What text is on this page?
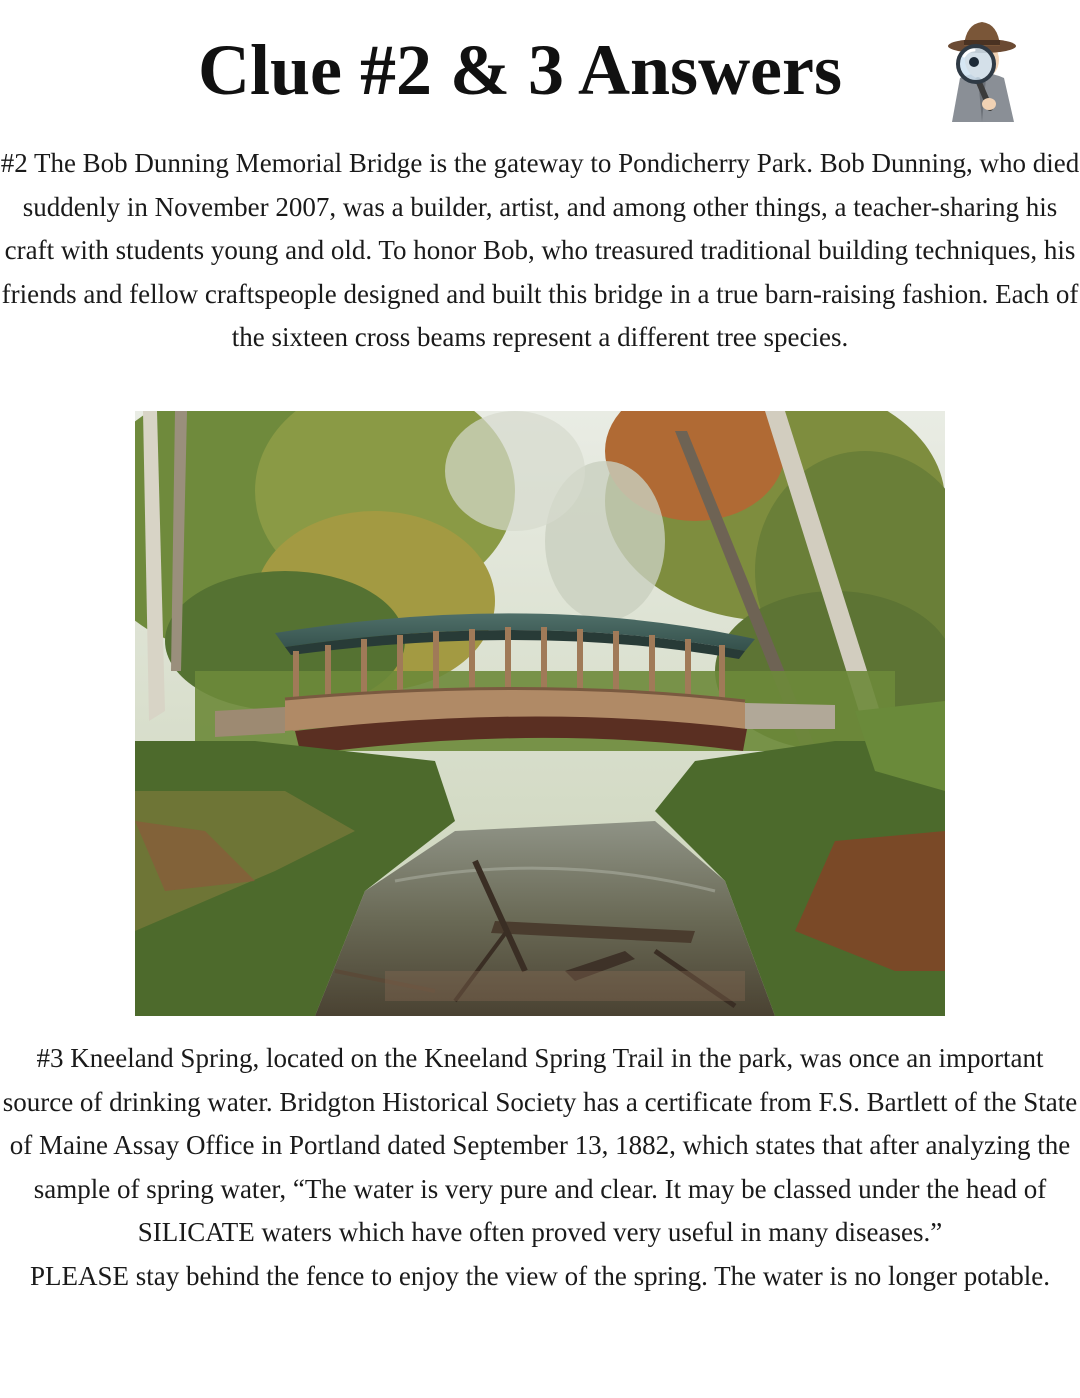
Clue #2 & 3 Answers

#2 The Bob Dunning Memorial Bridge is the gateway to Pondicherry Park. Bob Dunning, who died suddenly in November 2007, was a builder, artist, and among other things, a teacher-sharing his craft with students young and old. To honor Bob, who treasured traditional building techniques, his friends and fellow craftspeople designed and built this bridge in a true barn-raising fashion. Each of the sixteen cross beams represent a different tree species.

#3 Kneeland Spring, located on the Kneeland Spring Trail in the park, was once an important source of drinking water. Bridgton Historical Society has a certificate from F.S. Bartlett of the State of Maine Assay Office in Portland dated September 13, 1882, which states that after analyzing the sample of spring water, “The water is very pure and clear. It may be classed under the head of SILICATE waters which have often proved very useful in many diseases.”
PLEASE stay behind the fence to enjoy the view of the spring. The water is no longer potable.
